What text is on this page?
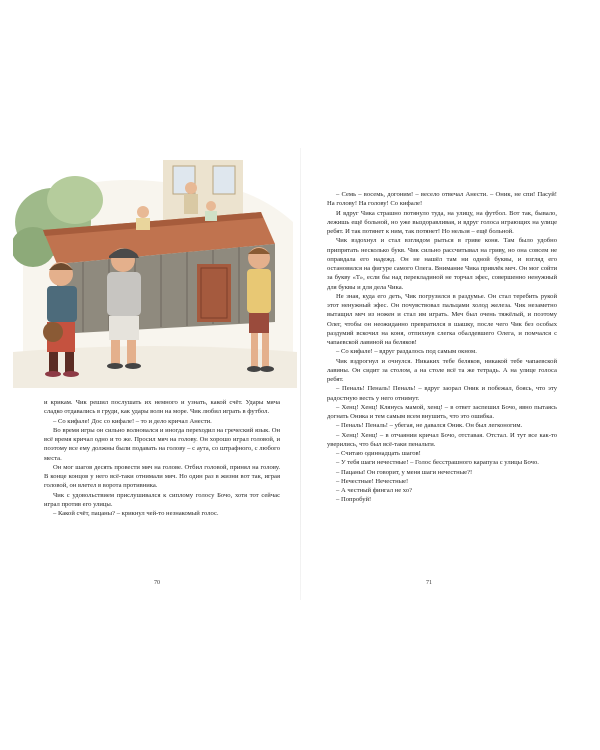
и крикам. Чик решил послушать их немного и узнать, какой счёт. Удары мяча сладко отдавались в груди, как удары волн на море. Чик любил играть в футбол.

– Со кифале! Дос со кифале! – то и дело кричал Анести.

Во время игры он сильно волновался и иногда переходил на греческий язык. Он всё время кричал одно и то же. Просил мяч на голову. Он хорошо играл головой, и поэтому все ему должны были подавать на голову – с аута, со штрафного, с любого места.

Он мог шагов десять провести мяч на голове. Отбил головой, принял на голову. В конце концов у него всё-таки отнимали мяч. Но один раз в жизни вот так, играя головой, он влетел в ворота противника.

Чик с удовольствием прислушивался к сиплому голосу Бочо, хотя тот сейчас играл против его улицы.

– Какой счёт, пацаны? – крикнул чей-то незнакомый голос.

70

– Семь – восемь, догоним! – весело отвечал Анести. – Оник, не спи! Пасуй! На голову! На голову! Со кифале!

И вдруг Чика страшно потянуло туда, на улицу, на футбол. Вот так, бывало, лежишь ещё больной, но уже выздоравливая, и вдруг голоса играющих на улице ребят. И так потянет к ним, так потянет! Но нельзя – ещё больной.

Чик вздохнул и стал взглядом рыться в гриве коня. Там было удобно припрятать несколько букв. Чик сильно рассчитывал на гриву, но она совсем не оправдала его надежд. Он не нашёл там ни одной буквы, и взгляд его остановился на фигуре самого Олега. Внимание Чика привлёк меч. Он мог сойти за букву «Т», если бы над перекладиной не торчал эфес, совершенно ненужный для буквы и для дела Чика.

Не зная, куда его деть, Чик погрузился в раздумье. Он стал теребить рукой этот ненужный эфес. Он почувствовал пальцами холод железа. Чик незаметно вытащил меч из ножен и стал им играть. Меч был очень тяжёлый, и поэтому Олег, чтобы он неожиданно превратился в шашку, после чего Чик без особых раздумий вскочил на коня, отпихнув слегка обалдевшего Олега, и помчался с чапаевской лавиной на беляков!

– Со кифале! – вдруг раздалось под самым окном.

Чик вздрогнул и очнулся. Никаких тебе беляков, никакой тебе чапаевской лавины. Он сидит за столом, а на столе всё та же тетрадь. А на улице голоса ребят.

– Пеналь! Пеналь! Пеналь! – вдруг заорал Оник и побежал, боясь, что эту радостную весть у него отнимут.

– Хенц! Хенц! Клянусь мамой, хенц! – в ответ заспешил Бочо, явно пытаясь догнать Оника и тем самым всем внушить, что это ошибка.

– Пеналь! Пеналь! – убегая, не давался Оник. Он был легконогим.

– Хенц! Хенц! – в отчаянии кричал Бочо, отставая. Отстал. И тут все как-то уверились, что был всё-таки пенальти.

– Считаю одиннадцать шагов!

– У тебя шаги нечестные! – Голос бесстрашного карапуза с улицы Бочо.

– Пацаны! Он говорит, у меня шаги нечестные?!

– Нечестные! Нечестные!

– А честный фингал не хо?

– Попробуй!

71
